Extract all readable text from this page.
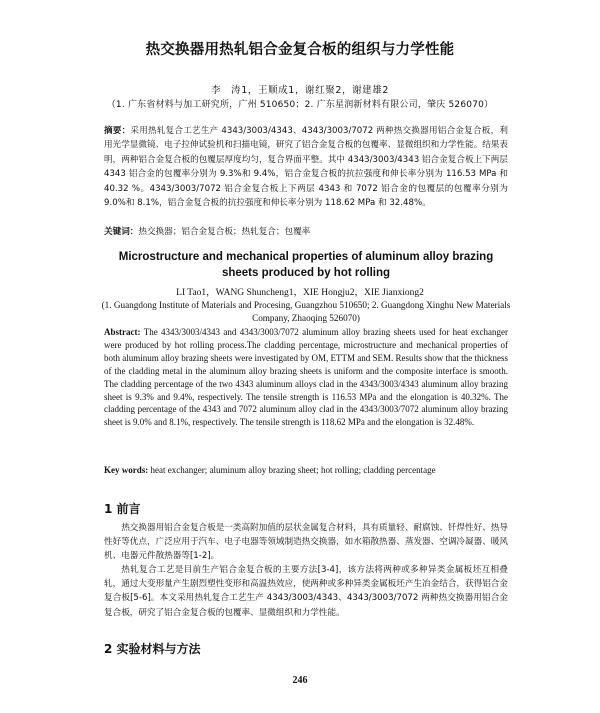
热交换器用热轧铝合金复合板的组织与力学性能
李　涛1，王顺成1，谢红聚2，谢建雄2
（1. 广东省材料与加工研究所，广州 510650；2. 广东星润新材料有限公司，肇庆 526070）
摘要：采用热轧复合工艺生产 4343/3003/4343、4343/3003/7072 两种热交换器用铝合金复合板，利用光学显微镜、电子拉伸试验机和扫描电镜，研究了铝合金复合板的包覆率、显微组织和力学性能。结果表明，两种铝合金复合板的包覆层厚度均匀，复合界面平整。其中 4343/3003/4343 铝合金复合板上下两层 4343 铝合金的包覆率分别为 9.3%和 9.4%，铝合金复合板的抗拉强度和伸长率分别为 116.53 MPa 和 40.32 %。4343/3003/7072 铝合金复合板上下两层 4343 和 7072 铝合金的包覆层的包覆率分别为 9.0%和 8.1%，铝合金复合板的抗拉强度和伸长率分别为 118.62 MPa 和 32.48%。
关键词：热交换器；铝合金复合板；热轧复合；包覆率
Microstructure and mechanical properties of aluminum alloy brazing sheets produced by hot rolling
LI Tao1，WANG Shuncheng1，XIE Hongju2，XIE Jianxiong2
(1. Guangdong Institute of Materials and Procesing, Guangzhou 510650; 2. Guangdong Xinghu New Materials Company, Zhaoqing 526070)
Abstract: The 4343/3003/4343 and 4343/3003/7072 aluminum alloy brazing sheets used for heat exchanger were produced by hot rolling process.The cladding percentage, microstructure and mechanical properties of both aluminum alloy brazing sheets were investigated by OM, ETTM and SEM. Results show that the thickness of the cladding metal in the aluminum alloy brazing sheets is uniform and the composite interface is smooth. The cladding percentage of the two 4343 aluminum alloys clad in the 4343/3003/4343 aluminum alloy brazing sheet is 9.3% and 9.4%, respectively. The tensile strength is 116.53 MPa and the elongation is 40.32%. The cladding percentage of the 4343 and 7072 aluminum alloy clad in the 4343/3003/7072 aluminum alloy brazing sheet is 9.0% and 8.1%, respectively. The tensile strength is 118.62 MPa and the elongation is 32.48%.
Key words: heat exchanger; aluminum alloy brazing sheet; hot rolling; cladding percentage
1 前言
热交换器用铝合金复合板是一类高附加值的层状金属复合材料，具有质量轻、耐腐蚀、钎焊性好、热导性好等优点，广泛应用于汽车、电子电器等领域制造热交换器，如水箱散热器、蒸发器、空调冷凝器、暖风机、电器元件散热器等[1-2]。
热轧复合工艺是目前生产铝合金复合板的主要方法[3-4]，该方法将两种或多种异类金属板坯互相叠轧，通过大变形量产生剧烈塑性变形和高温热效应，使两种或多种异类金属板坯产生冶金结合，获得铝合金复合板[5-6]。本文采用热轧复合工艺生产 4343/3003/4343、4343/3003/7072 两种热交换器用铝合金复合板，研究了铝合金复合板的包覆率、显微组织和力学性能。
2 实验材料与方法
246
